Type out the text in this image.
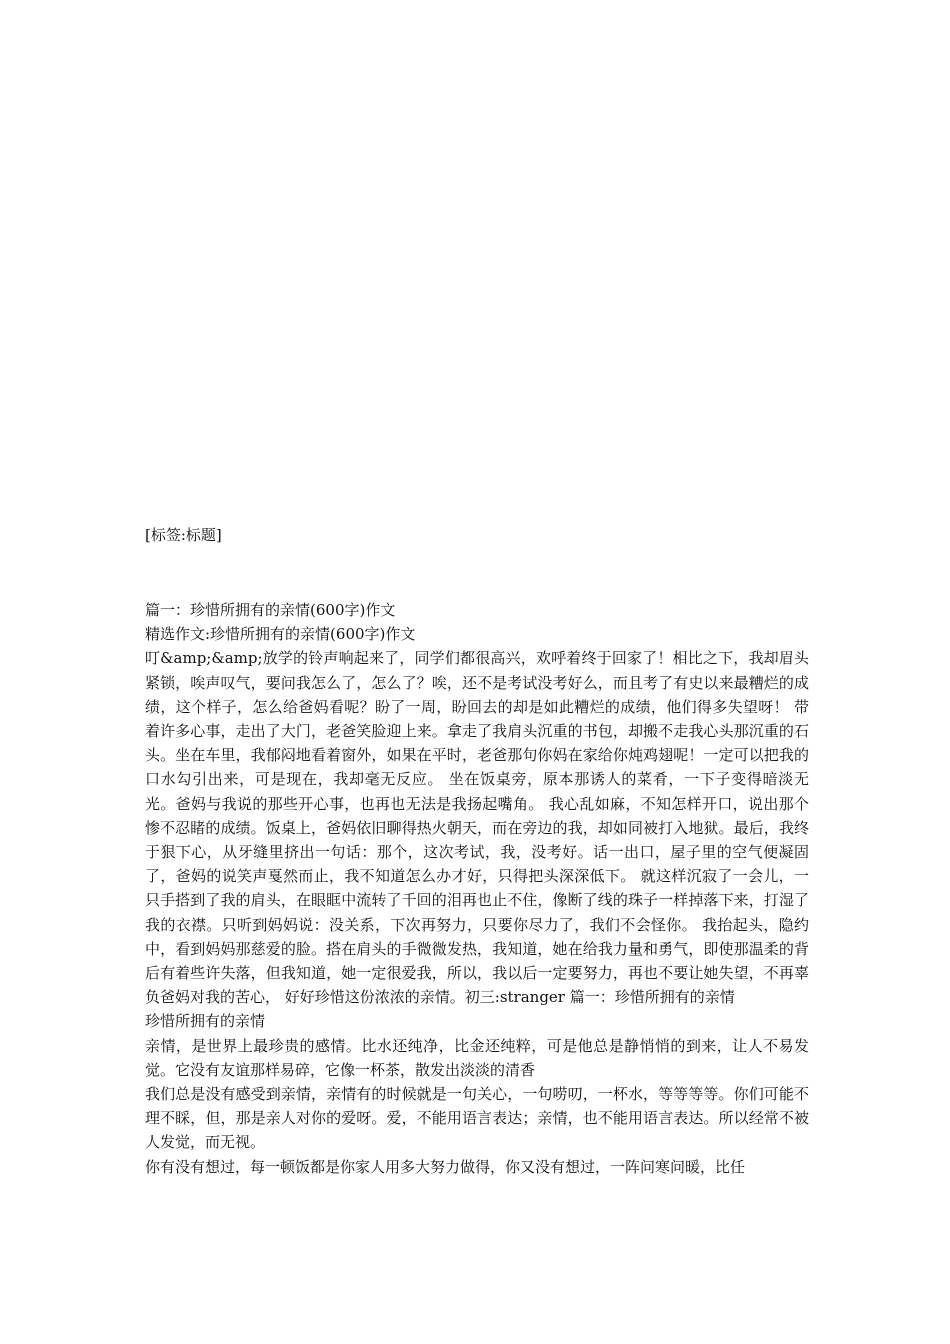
[标签:标题]

篇一：珍惜所拥有的亲情(600字)作文

精选作文:珍惜所拥有的亲情(600字)作文

叮&amp;&amp;放学的铃声响起来了，同学们都很高兴，欢呼着终于回家了！相比之下，我却眉头紧锁，唉声叹气，要问我怎么了，怎么了？唉，还不是考试没考好么，而且考了有史以来最糟烂的成绩，这个样子，怎么给爸妈看呢？盼了一周，盼回去的却是如此糟烂的成绩，他们得多失望呀！ 带着许多心事，走出了大门，老爸笑脸迎上来。拿走了我肩头沉重的书包，却搬不走我心头那沉重的石头。坐在车里，我郁闷地看着窗外，如果在平时，老爸那句你妈在家给你炖鸡翅呢！一定可以把我的口水勾引出来，可是现在，我却毫无反应。 坐在饭桌旁，原本那诱人的菜肴，一下子变得暗淡无光。爸妈与我说的那些开心事，也再也无法是我扬起嘴角。 我心乱如麻，不知怎样开口，说出那个惨不忍睹的成绩。饭桌上，爸妈依旧聊得热火朝天，而在旁边的我，却如同被打入地狱。最后，我终于狠下心，从牙缝里挤出一句话：那个，这次考试，我，没考好。话一出口，屋子里的空气便凝固了，爸妈的说笑声戛然而止，我不知道怎么办才好，只得把头深深低下。 就这样沉寂了一会儿，一只手搭到了我的肩头，在眼眶中流转了千回的泪再也止不住，像断了线的珠子一样掉落下来，打湿了我的衣襟。只听到妈妈说：没关系，下次再努力，只要你尽力了，我们不会怪你。 我抬起头，隐约中，看到妈妈那慈爱的脸。搭在肩头的手微微发热，我知道，她在给我力量和勇气，即使那温柔的背后有着些许失落，但我知道，她一定很爱我，所以，我以后一定要努力，再也不要让她失望，不再辜负爸妈对我的苦心， 好好珍惜这份浓浓的亲情。初三:stranger 篇一：珍惜所拥有的亲情

珍惜所拥有的亲情

亲情，是世界上最珍贵的感情。比水还纯净，比金还纯粹，可是他总是静悄悄的到来，让人不易发觉。它没有友谊那样易碎，它像一杯茶，散发出淡淡的清香

我们总是没有感受到亲情，亲情有的时候就是一句关心，一句唠叨，一杯水，等等等等。你们可能不理不睬，但，那是亲人对你的爱呀。爱，不能用语言表达；亲情，也不能用语言表达。所以经常不被人发觉，而无视。

你有没有想过，每一顿饭都是你家人用多大努力做得，你又没有想过，一阵问寒问暖，比任
